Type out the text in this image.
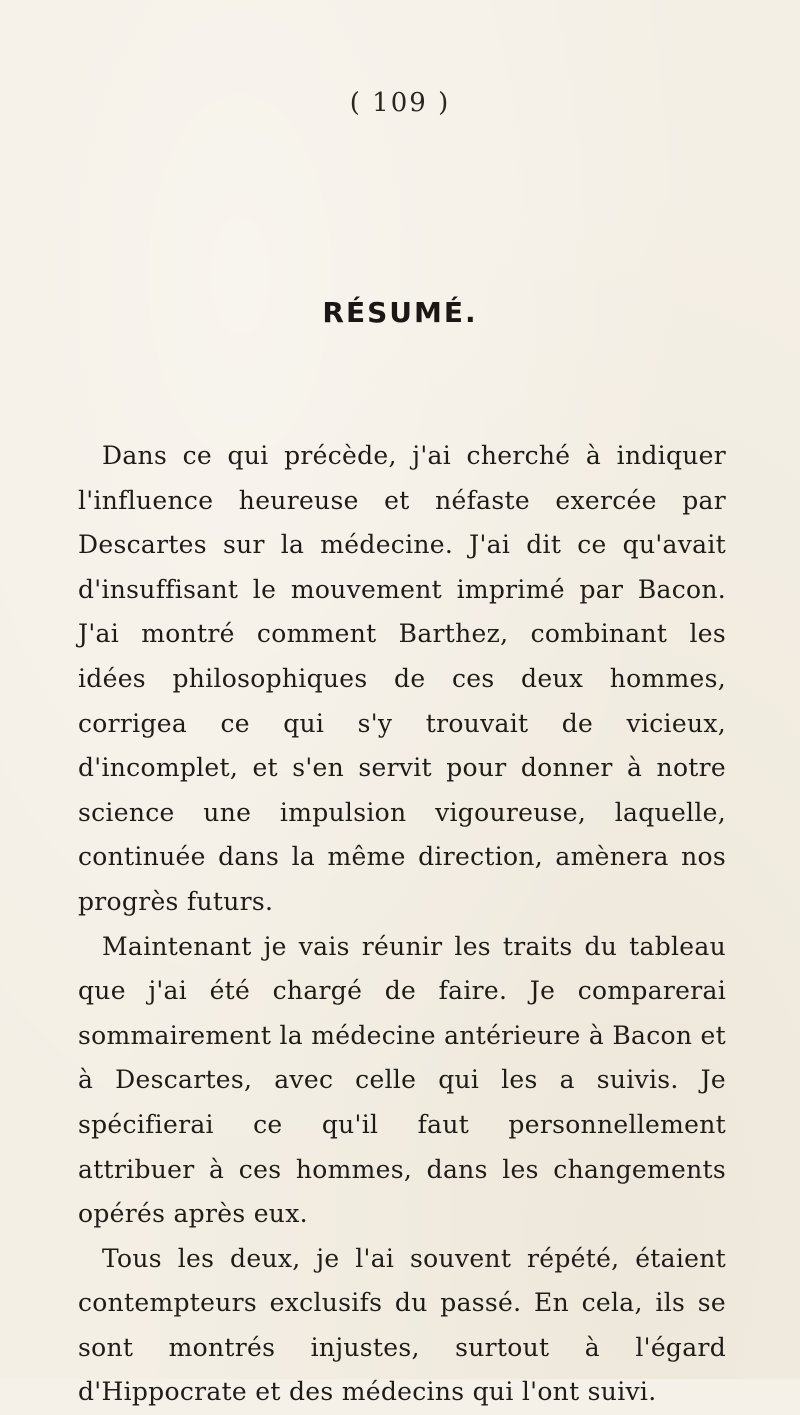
( 109 )
RÉSUMÉ.

Dans ce qui précède, j'ai cherché à indiquer l'influence heureuse et néfaste exercée par Descartes sur la médecine. J'ai dit ce qu'avait d'insuffisant le mouvement imprimé par Bacon. J'ai montré comment Barthez, combinant les idées philosophiques de ces deux hommes, corrigea ce qui s'y trouvait de vicieux, d'incomplet, et s'en servit pour donner à notre science une impulsion vigoureuse, laquelle, continuée dans la même direction, amènera nos progrès futurs.

Maintenant je vais réunir les traits du tableau que j'ai été chargé de faire. Je comparerai sommairement la médecine antérieure à Bacon et à Descartes, avec celle qui les a suivis. Je spécifierai ce qu'il faut personnellement attribuer à ces hommes, dans les changements opérés après eux.

Tous les deux, je l'ai souvent répété, étaient contempteurs exclusifs du passé. En cela, ils se sont montrés injustes, surtout à l'égard d'Hippocrate et des médecins qui l'ont suivi.
